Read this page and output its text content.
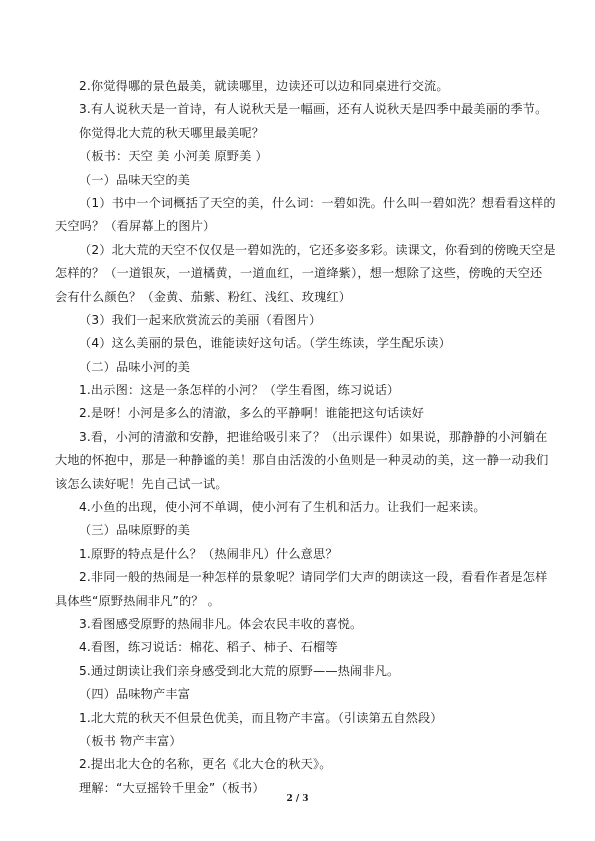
2.你觉得哪的景色最美，就读哪里，边读还可以边和同桌进行交流。
3.有人说秋天是一首诗，有人说秋天是一幅画，还有人说秋天是四季中最美丽的季节。
你觉得北大荒的秋天哪里最美呢？
（板书：天空 美 小河美 原野美 ）
（一）品味天空的美
（1）书中一个词概括了天空的美，什么词：一碧如洗。什么叫一碧如洗？想看看这样的
天空吗？（看屏幕上的图片）
（2）北大荒的天空不仅仅是一碧如洗的，它还多姿多彩。读课文，你看到的傍晚天空是
怎样的？（一道银灰，一道橘黄，一道血红，一道绛紫），想一想除了这些，傍晚的天空还
会有什么颜色？（金黄、茄紫、粉红、浅红、玫瑰红）
（3）我们一起来欣赏流云的美丽（看图片）
（4）这么美丽的景色，谁能读好这句话。（学生练读，学生配乐读）
（二）品味小河的美
1.出示图：这是一条怎样的小河？（学生看图，练习说话）
2.是呀！小河是多么的清澈，多么的平静啊！谁能把这句话读好
3.看，小河的清澈和安静，把谁给吸引来了？（出示课件）如果说，那静静的小河躺在
大地的怀抱中，那是一种静谧的美！那自由活泼的小鱼则是一种灵动的美，这一静一动我们
该怎么读好呢！先自己试一试。
4.小鱼的出现，使小河不单调，使小河有了生机和活力。让我们一起来读。
（三）品味原野的美
1.原野的特点是什么？（热闹非凡）什么意思？
2.非同一般的热闹是一种怎样的景象呢？请同学们大声的朗读这一段，看看作者是怎样
具体些“原野热闹非凡”的？ 。
3.看图感受原野的热闹非凡。体会农民丰收的喜悦。
4.看图，练习说话：棉花、稻子、柿子、石榴等
5.通过朗读让我们亲身感受到北大荒的原野——热闹非凡。
（四）品味物产丰富
1.北大荒的秋天不但景色优美，而且物产丰富。（引读第五自然段）
（板书 物产丰富）
2.提出北大仓的名称，更名《北大仓的秋天》。
理解：“大豆摇铃千里金”（板书）
2 / 3
